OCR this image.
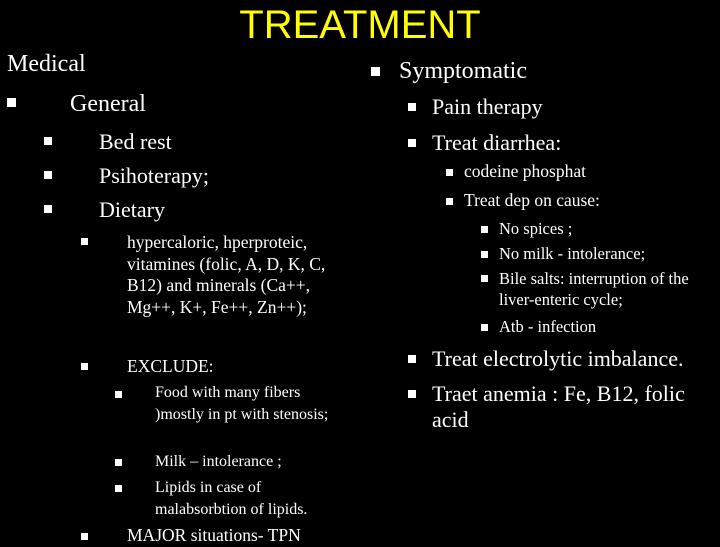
TREATMENT
Medical
General
Bed rest
Psihoterapy;
Dietary
hypercaloric, hperproteic, vitamines (folic, A, D, K, C, B12) and minerals (Ca++, Mg++, K+, Fe++, Zn++);
EXCLUDE:
Food with many fibers )mostly in pt with stenosis;
Milk – intolerance ;
Lipids in case of malabsorbtion of lipids.
MAJOR situations- TPN
Symptomatic
Pain therapy
Treat diarrhea:
codeine phosphat
Treat dep on cause:
No spices ;
No milk - intolerance;
Bile salts: interruption of the liver-enteric cycle;
Atb - infection
Treat electrolytic imbalance.
Traet anemia : Fe, B12, folic acid
